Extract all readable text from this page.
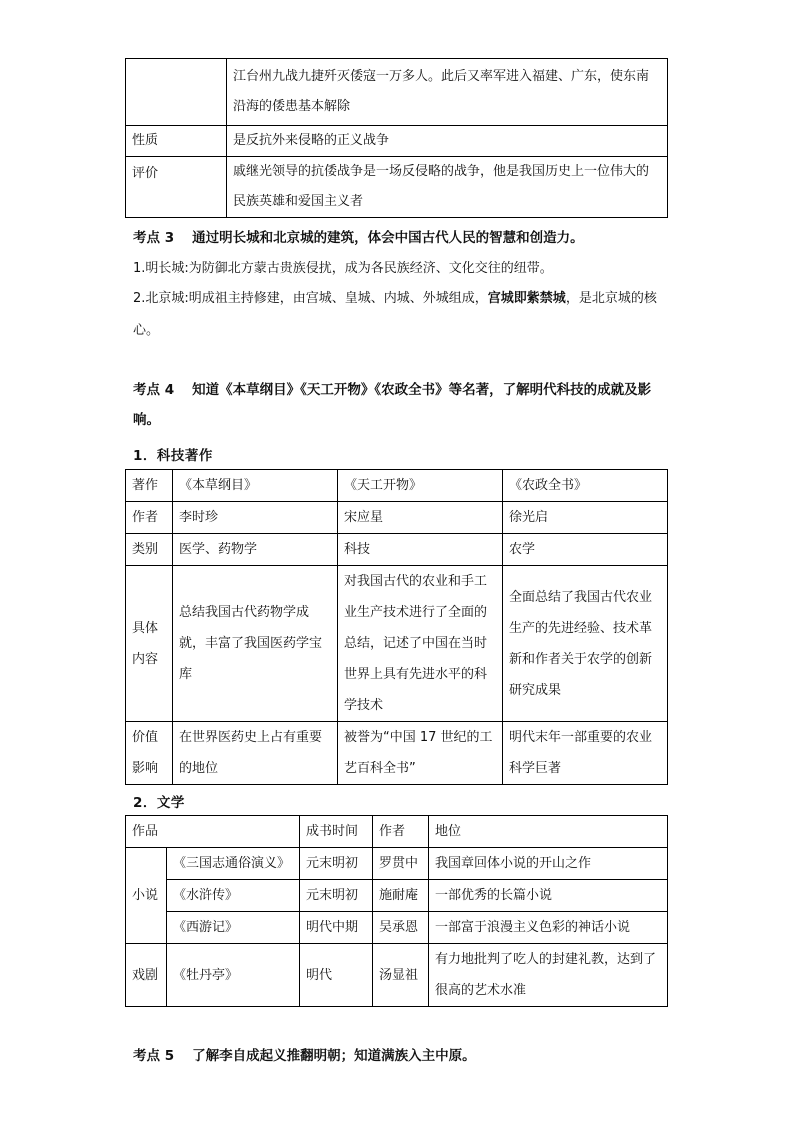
	江台州九战九捷歼灭倭寇一万多人。此后又率军进入福建、广东，使东南沿海的倭患基本解除
性质	是反抗外来侵略的正义战争
评价	戚继光领导的抗倭战争是一场反侵略的战争，他是我国历史上一位伟大的民族英雄和爱国主义者
考点 3 通过明长城和北京城的建筑，体会中国古代人民的智慧和创造力。
1.明长城:为防御北方蒙古贵族侵扰，成为各民族经济、文化交往的纽带。
2.北京城:明成祖主持修建，由宫城、皇城、内城、外城组成，宫城即紫禁城，是北京城的核心。
考点 4 知道《本草纲目》《天工开物》《农政全书》等名著，了解明代科技的成就及影响。
1．科技著作
著作	《本草纲目》	《天工开物》	《农政全书》
作者	李时珍	宋应星	徐光启
类别	医学、药物学	科技	农学
具体内容	总结我国古代药物学成就，丰富了我国医药学宝库	对我国古代的农业和手工业生产技术进行了全面的总结，记述了中国在当时世界上具有先进水平的科学技术	全面总结了我国古代农业生产的先进经验、技术革新和作者关于农学的创新研究成果
价值影响	在世界医药史上占有重要的地位	被誉为“中国 17 世纪的工艺百科全书”	明代末年一部重要的农业科学巨著
2．文学
作品		成书时间	作者	地位
小说	《三国志通俗演义》	元末明初	罗贯中	我国章回体小说的开山之作
	《水浒传》	元末明初	施耐庵	一部优秀的长篇小说
	《西游记》	明代中期	吴承恩	一部富于浪漫主义色彩的神话小说
戏剧	《牡丹亭》	明代	汤显祖	有力地批判了吃人的封建礼教，达到了很高的艺术水准
考点 5 了解李自成起义推翻明朝；知道满族入主中原。
